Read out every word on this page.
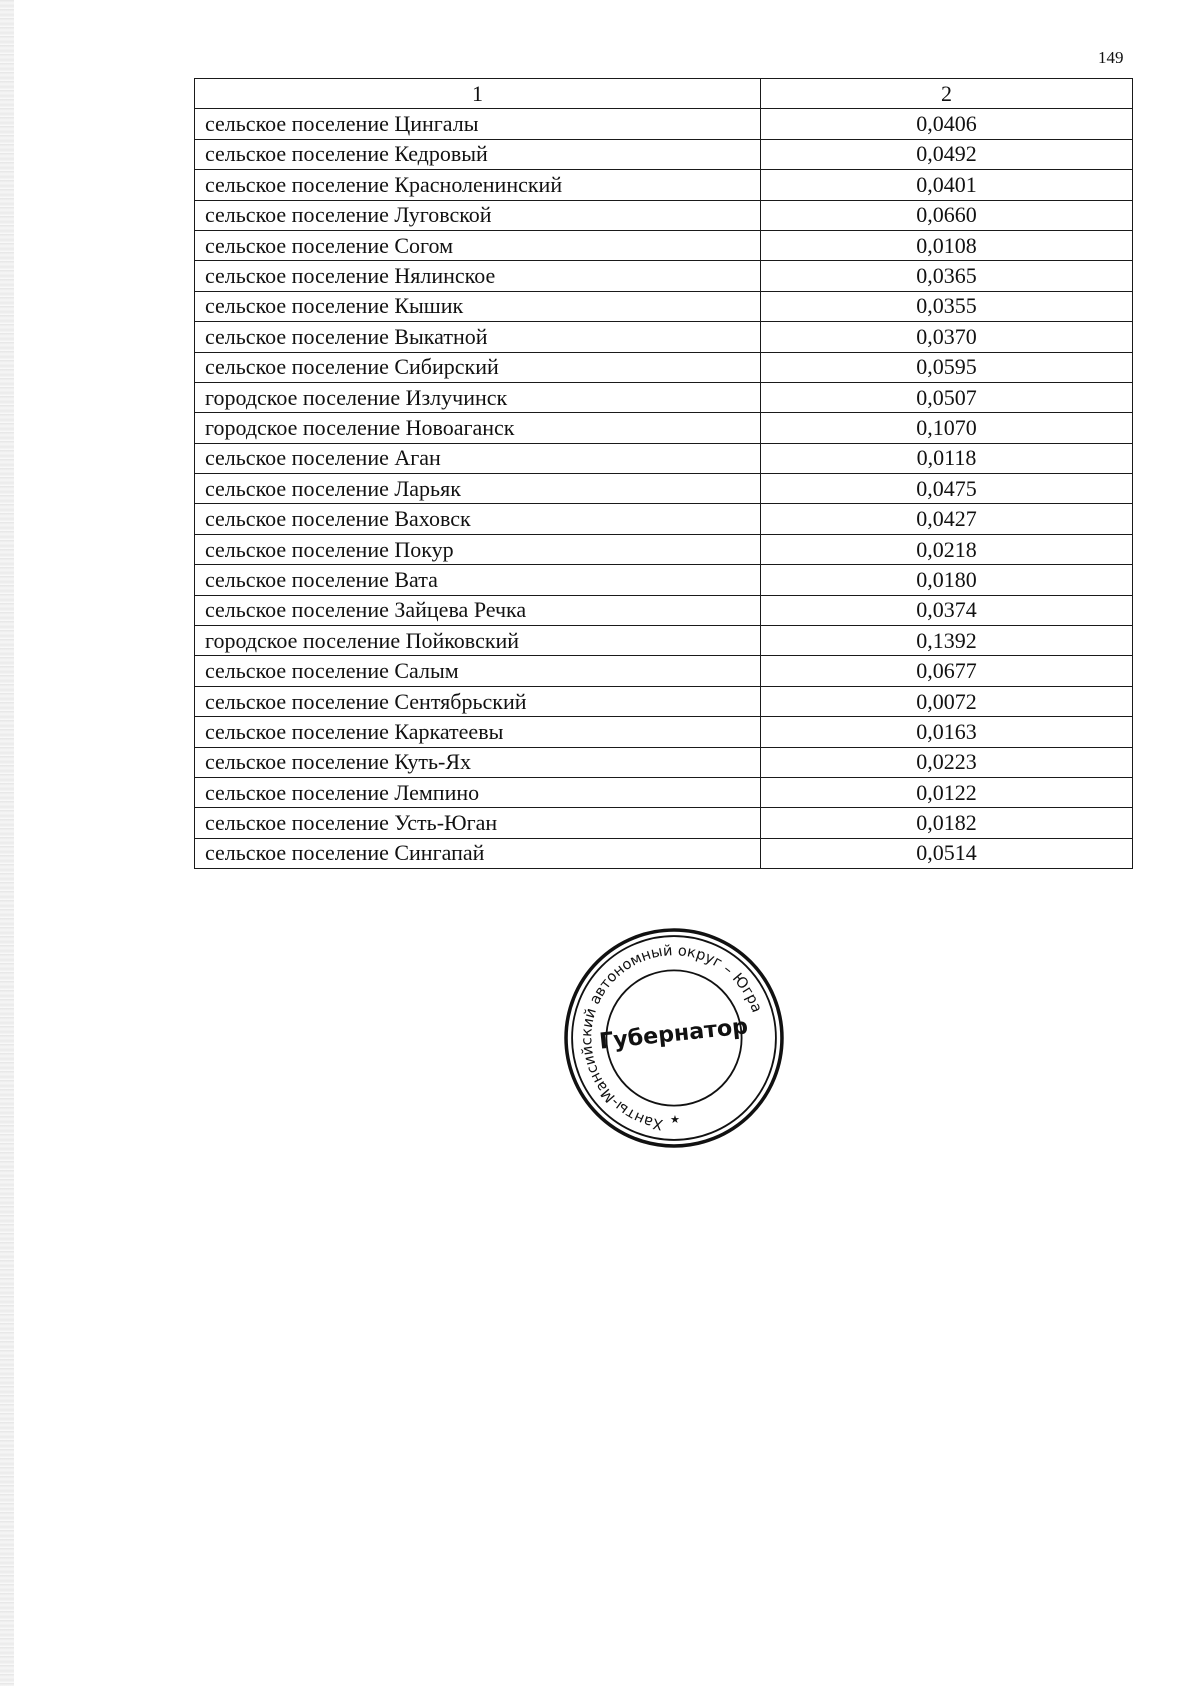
149
1	2
сельское поселение Цингалы	0,0406
сельское поселение Кедровый	0,0492
сельское поселение Красноленинский	0,0401
сельское поселение Луговской	0,0660
сельское поселение Согом	0,0108
сельское поселение Нялинское	0,0365
сельское поселение Кышик	0,0355
сельское поселение Выкатной	0,0370
сельское поселение Сибирский	0,0595
городское поселение Излучинск	0,0507
городское поселение Новоаганск	0,1070
сельское поселение Аган	0,0118
сельское поселение Ларьяк	0,0475
сельское поселение Ваховск	0,0427
сельское поселение Покур	0,0218
сельское поселение Вата	0,0180
сельское поселение Зайцева Речка	0,0374
городское поселение Пойковский	0,1392
сельское поселение Салым	0,0677
сельское поселение Сентябрьский	0,0072
сельское поселение Каркатеевы	0,0163
сельское поселение Куть-Ях	0,0223
сельское поселение Лемпино	0,0122
сельское поселение Усть-Юган	0,0182
сельское поселение Сингапай	0,0514
Ханты-Мансийский автономный округ – Югра
Губернатор
★
